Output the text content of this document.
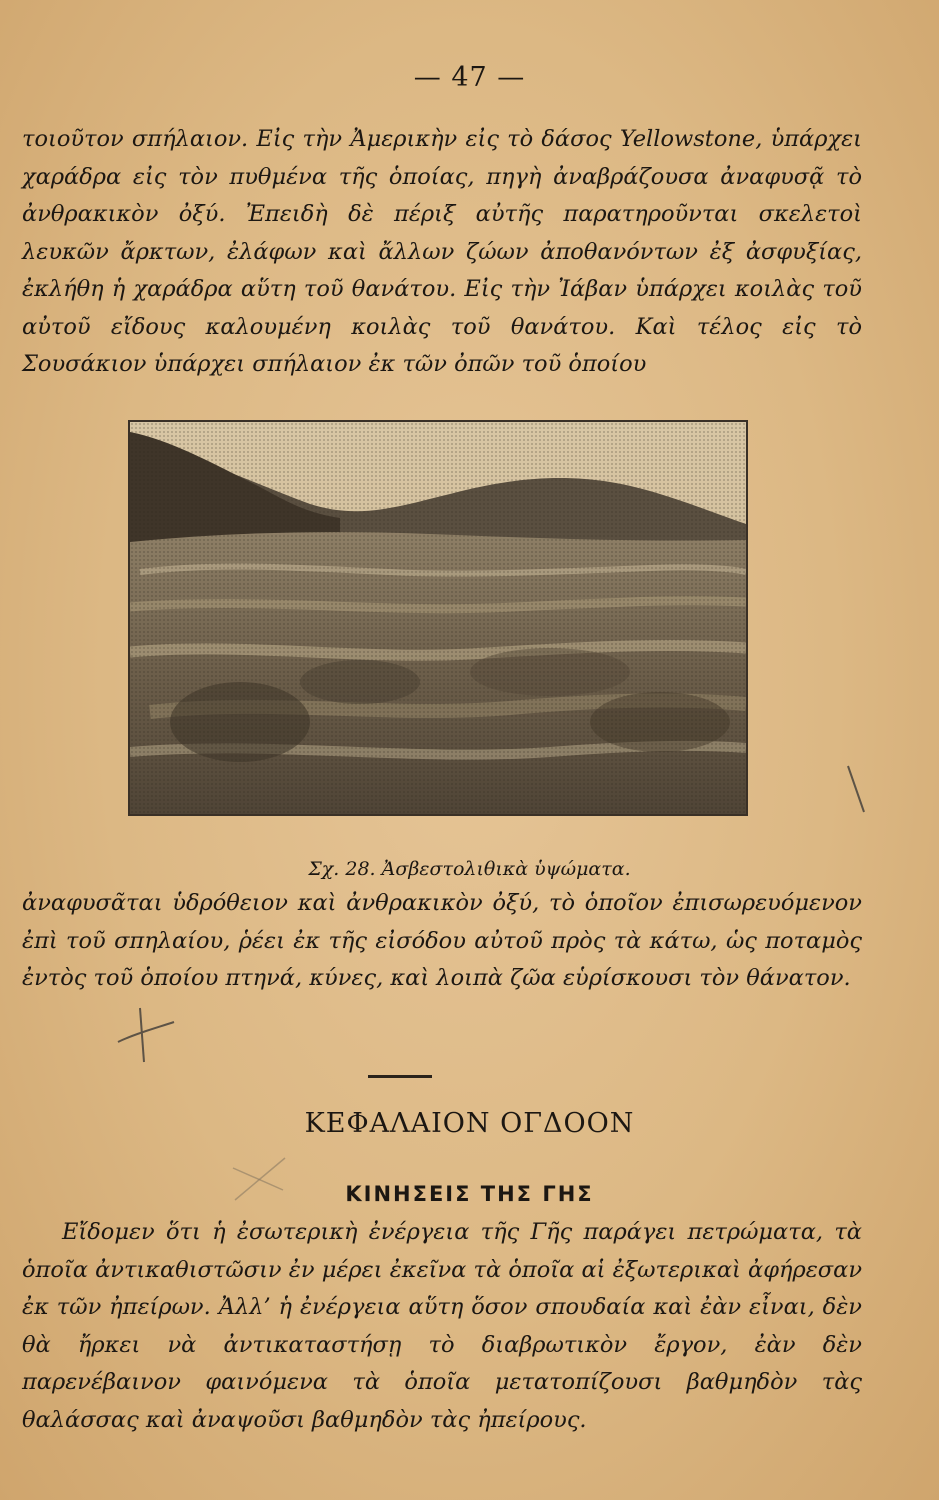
— 47 —

τοιοῦτον σπήλαιον. Εἰς τὴν Ἀμερικὴν εἰς τὸ δάσος Yellowstone, ὑπάρχει χαράδρα εἰς τὸν πυθμένα τῆς ὁποίας, πηγὴ ἀναβράζουσα ἀναφυσᾷ τὸ ἀνθρακικὸν ὀξύ. Ἐπειδὴ δὲ πέριξ αὐτῆς παρατηροῦνται σκελετοὶ λευκῶν ἄρκτων, ἐλάφων καὶ ἄλλων ζώων ἀποθανόντων ἐξ ἀσφυξίας, ἐκλήθη ἡ χαράδρα αὕτη τοῦ θανάτου. Εἰς τὴν Ἰάβαν ὑπάρχει κοιλὰς τοῦ αὐτοῦ εἴδους καλουμένη κοιλὰς τοῦ θανάτου. Καὶ τέλος εἰς τὸ Σουσάκιον ὑπάρχει σπήλαιον ἐκ τῶν ὀπῶν τοῦ ὁποίου

Σχ. 28. Ἀσβεστολιθικὰ ὑψώματα.

ἀναφυσᾶται ὑδρόθειον καὶ ἀνθρακικὸν ὀξύ, τὸ ὁποῖον ἐπισωρευόμενον ἐπὶ τοῦ σπηλαίου, ῥέει ἐκ τῆς εἰσόδου αὐτοῦ πρὸς τὰ κάτω, ὡς ποταμὸς ἐντὸς τοῦ ὁποίου πτηνά, κύνες, καὶ λοιπὰ ζῶα εὑρίσκουσι τὸν θάνατον.

ΚΕΦΑΛΑΙΟΝ ΟΓΔΟΟΝ
ΚΙΝΗΣΕΙΣ ΤΗΣ ΓΗΣ

Εἴδομεν ὅτι ἡ ἐσωτερικὴ ἐνέργεια τῆς Γῆς παράγει πετρώματα, τὰ ὁποῖα ἀντικαθιστῶσιν ἐν μέρει ἐκεῖνα τὰ ὁποῖα αἱ ἐξωτερικαὶ ἀφήρεσαν ἐκ τῶν ἠπείρων. Ἀλλ’ ἡ ἐνέργεια αὕτη ὅσον σπουδαία καὶ ἐὰν εἶναι, δὲν θὰ ἤρκει νὰ ἀντικαταστήσῃ τὸ διαβρωτικὸν ἔργον, ἐὰν δὲν παρενέβαινον φαινόμενα τὰ ὁποῖα μετατοπίζουσι βαθμηδὸν τὰς θαλάσσας καὶ ἀναψοῦσι βαθμηδὸν τὰς ἠπείρους.
